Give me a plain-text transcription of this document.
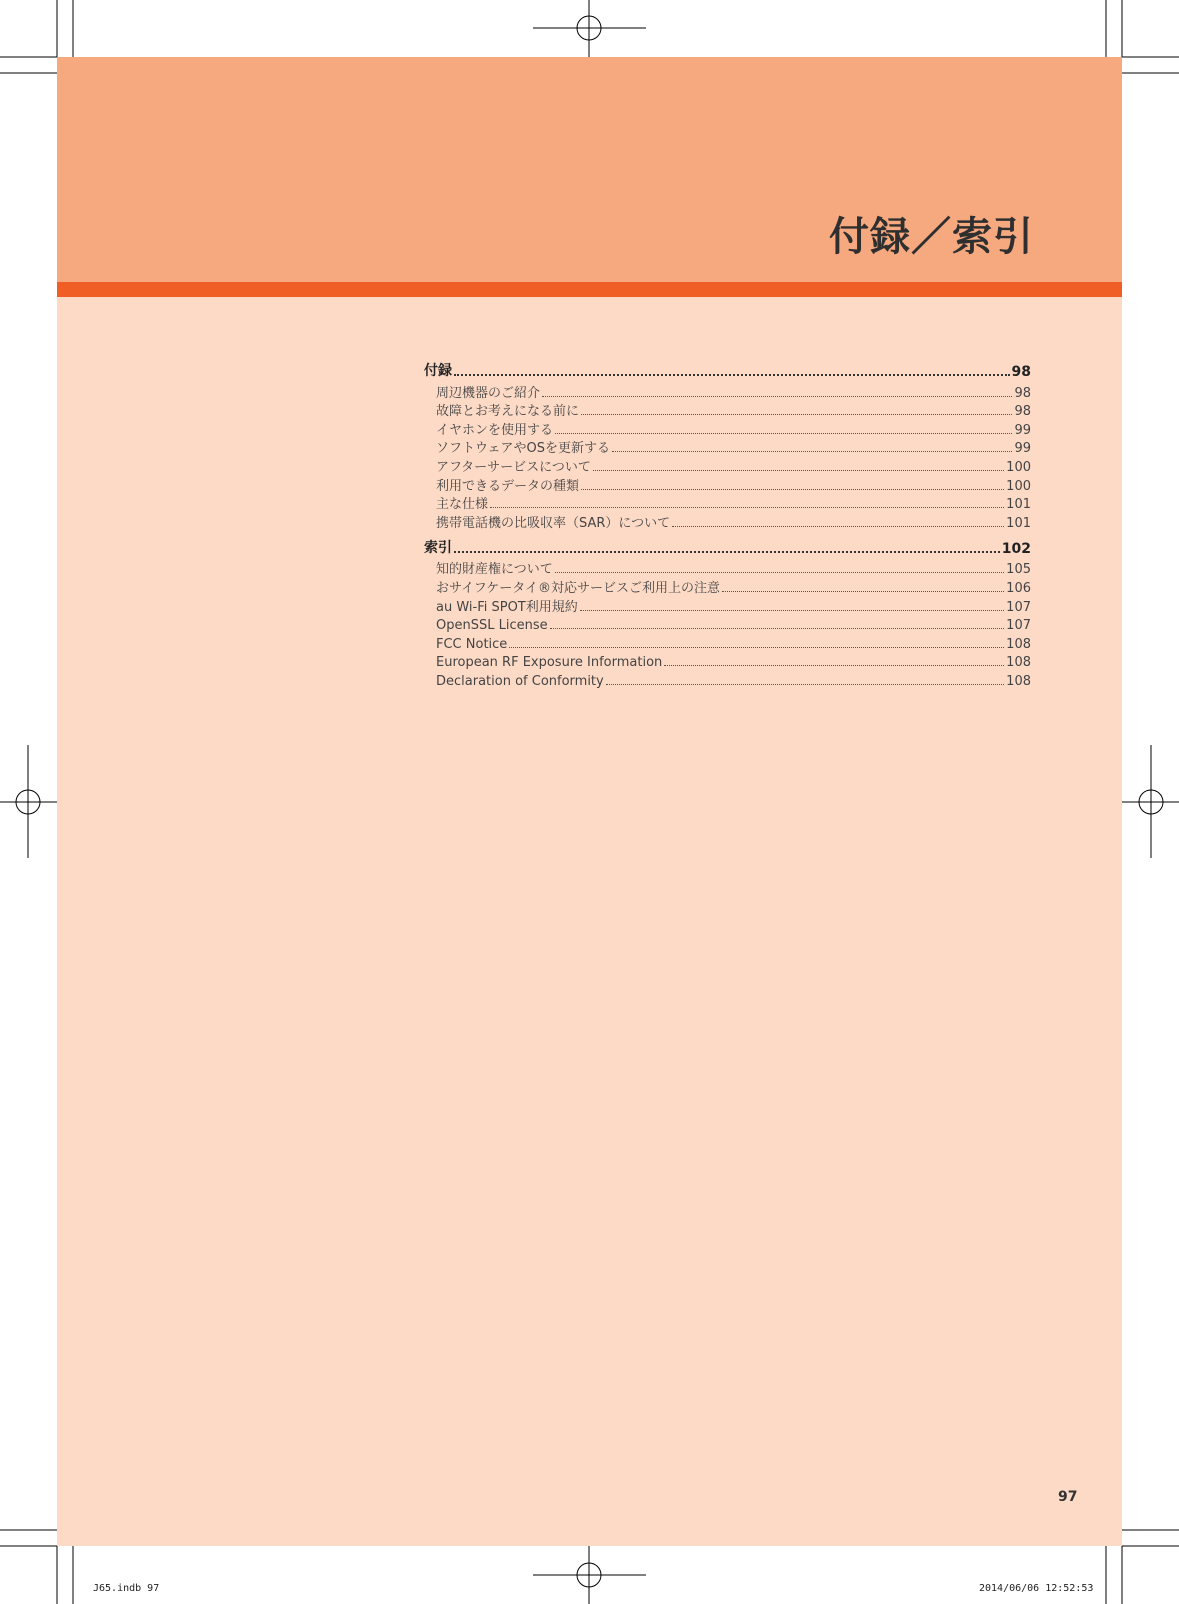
付録／索引
付録	98
周辺機器のご紹介	98
故障とお考えになる前に	98
イヤホンを使用する	99
ソフトウェアやOSを更新する	99
アフターサービスについて	100
利用できるデータの種類	100
主な仕様	101
携帯電話機の比吸収率（SAR）について	101
索引	102
知的財産権について	105
おサイフケータイ®対応サービスご利用上の注意	106
au Wi-Fi SPOT利用規約	107
OpenSSL License	107
FCC Notice	108
European RF Exposure Information	108
Declaration of Conformity	108
97
J65.indb 97	2014/06/06 12:52:53
